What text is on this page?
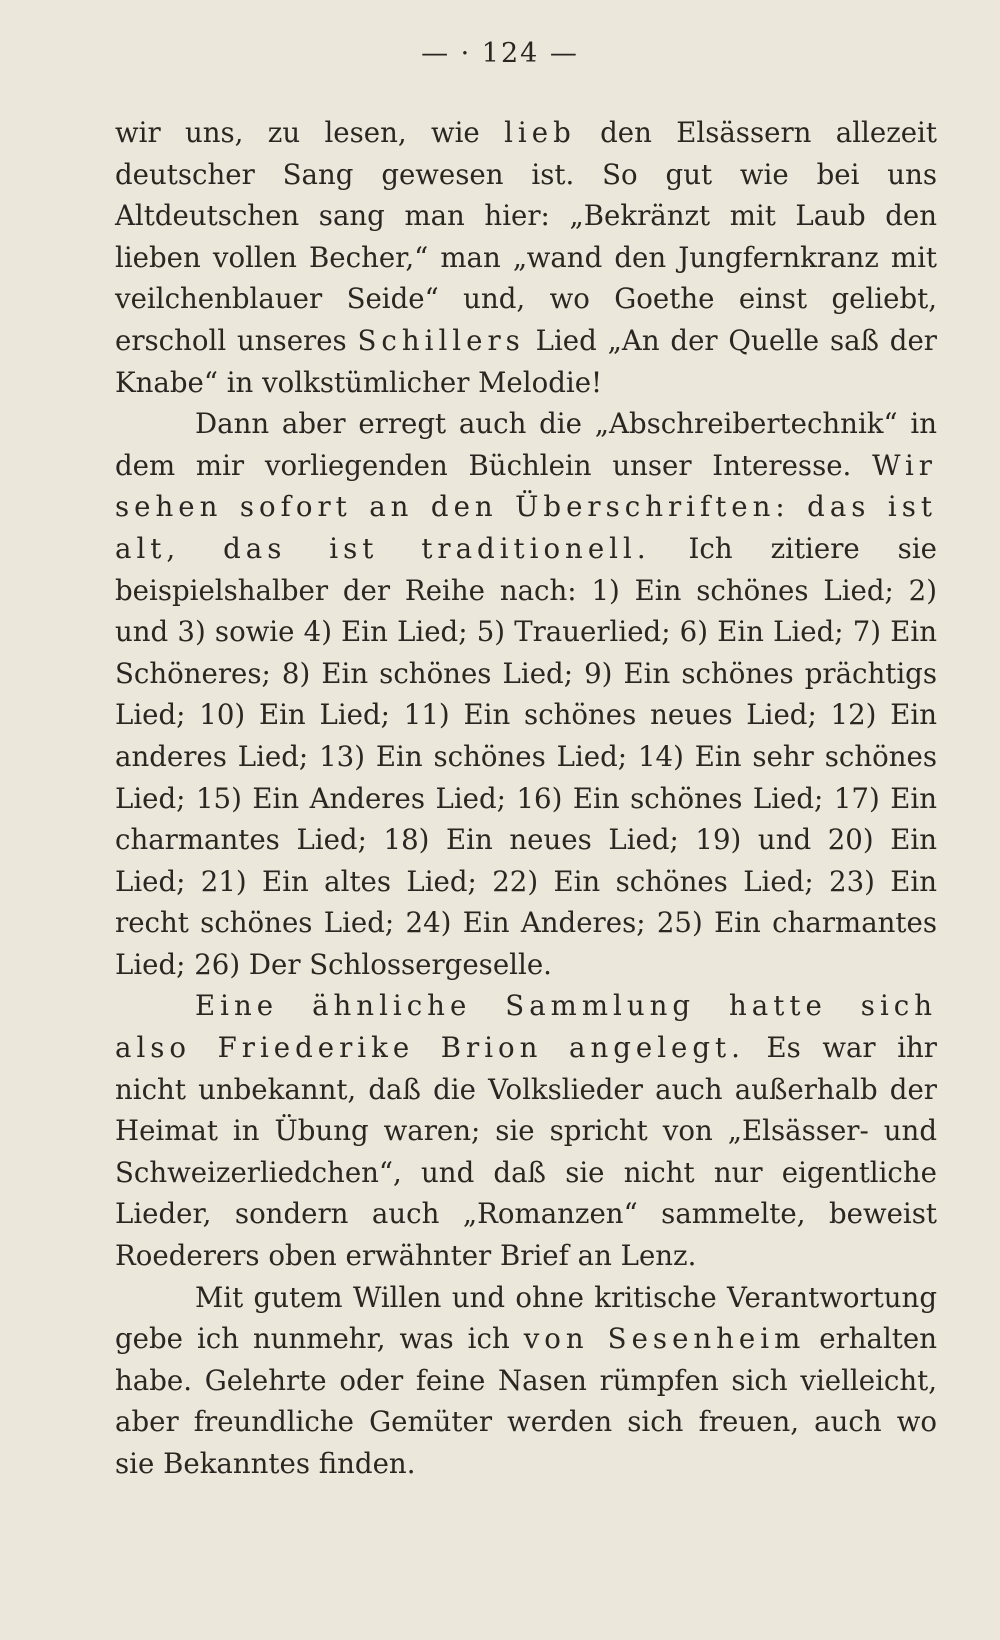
— · 124 —

wir uns, zu lesen, wie lieb den Elsässern allezeit deutscher Sang gewesen ist. So gut wie bei uns Altdeutschen sang man hier: „Bekränzt mit Laub den lieben vollen Becher,“ man „wand den Jungfernkranz mit veilchenblauer Seide“ und, wo Goethe einst geliebt, erscholl unseres Schillers Lied „An der Quelle saß der Knabe“ in volkstümlicher Melodie!

Dann aber erregt auch die „Abschreibertechnik“ in dem mir vorliegenden Büchlein unser Interesse. Wir sehen sofort an den Überschriften: das ist alt, das ist traditionell. Ich zitiere sie beispielshalber der Reihe nach: 1) Ein schönes Lied; 2) und 3) sowie 4) Ein Lied; 5) Trauerlied; 6) Ein Lied; 7) Ein Schöneres; 8) Ein schönes Lied; 9) Ein schönes prächtigs Lied; 10) Ein Lied; 11) Ein schönes neues Lied; 12) Ein anderes Lied; 13) Ein schönes Lied; 14) Ein sehr schönes Lied; 15) Ein Anderes Lied; 16) Ein schönes Lied; 17) Ein charmantes Lied; 18) Ein neues Lied; 19) und 20) Ein Lied; 21) Ein altes Lied; 22) Ein schönes Lied; 23) Ein recht schönes Lied; 24) Ein Anderes; 25) Ein charmantes Lied; 26) Der Schlossergeselle.

Eine ähnliche Sammlung hatte sich also Friederike Brion angelegt. Es war ihr nicht unbekannt, daß die Volkslieder auch außerhalb der Heimat in Übung waren; sie spricht von „Elsässer- und Schweizerliedchen“, und daß sie nicht nur eigentliche Lieder, sondern auch „Romanzen“ sammelte, beweist Roederers oben erwähnter Brief an Lenz.

Mit gutem Willen und ohne kritische Verantwortung gebe ich nunmehr, was ich von Sesenheim erhalten habe. Gelehrte oder feine Nasen rümpfen sich vielleicht, aber freundliche Gemüter werden sich freuen, auch wo sie Bekanntes finden.
